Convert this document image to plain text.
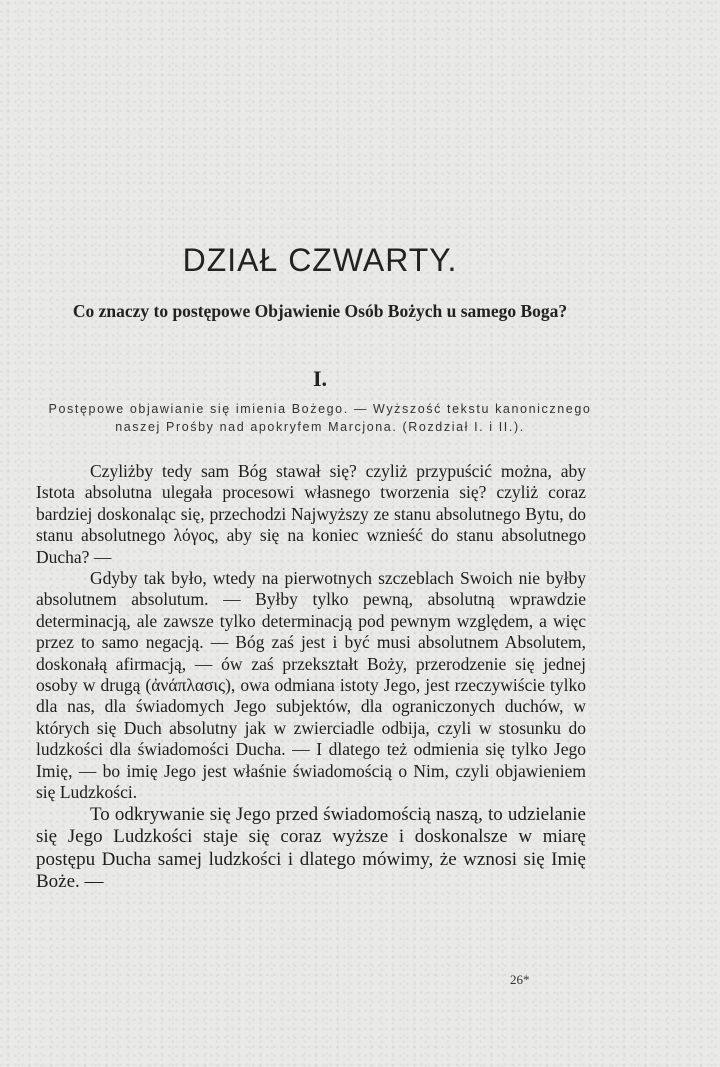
DZIAŁ CZWARTY.
Co znaczy to postępowe Objawienie Osób Bożych u samego Boga?
I.
Postępowe objawianie się imienia Bożego. — Wyższość tekstu kanonicznego naszej Prośby nad apokryfem Marcjona. (Rozdział I. i II.).

Czyliżby tedy sam Bóg stawał się? czyliż przypuścić można, aby Istota absolutna ulegała procesowi własnego tworzenia się? czyliż coraz bardziej doskonaląc się, przechodzi Najwyższy ze stanu absolutnego Bytu, do stanu absolutnego λόγος, aby się na koniec wznieść do stanu absolutnego Ducha? —

Gdyby tak było, wtedy na pierwotnych szczeblach Swoich nie byłby absolutnem absolutum. — Byłby tylko pewną, absolutną wprawdzie determinacją, ale zawsze tylko determinacją pod pewnym względem, a więc przez to samo negacją. — Bóg zaś jest i być musi absolutnem Absolutem, doskonałą afirmacją, — ów zaś przekształt Boży, przerodzenie się jednej osoby w drugą (ἀνάπλασις), owa odmiana istoty Jego, jest rzeczywiście tylko dla nas, dla świadomych Jego subjektów, dla ograniczonych duchów, w których się Duch absolutny jak w zwierciadle odbija, czyli w stosunku do ludzkości dla świadomości Ducha. — I dlatego też odmienia się tylko Jego Imię, — bo imię Jego jest właśnie świadomością o Nim, czyli objawieniem się Ludzkości.

To odkrywanie się Jego przed świadomością naszą, to udzielanie się Jego Ludzkości staje się coraz wyższe i doskonalsze w miarę postępu Ducha samej ludzkości i dlatego mówimy, że wznosi się Imię Boże. —

26*
